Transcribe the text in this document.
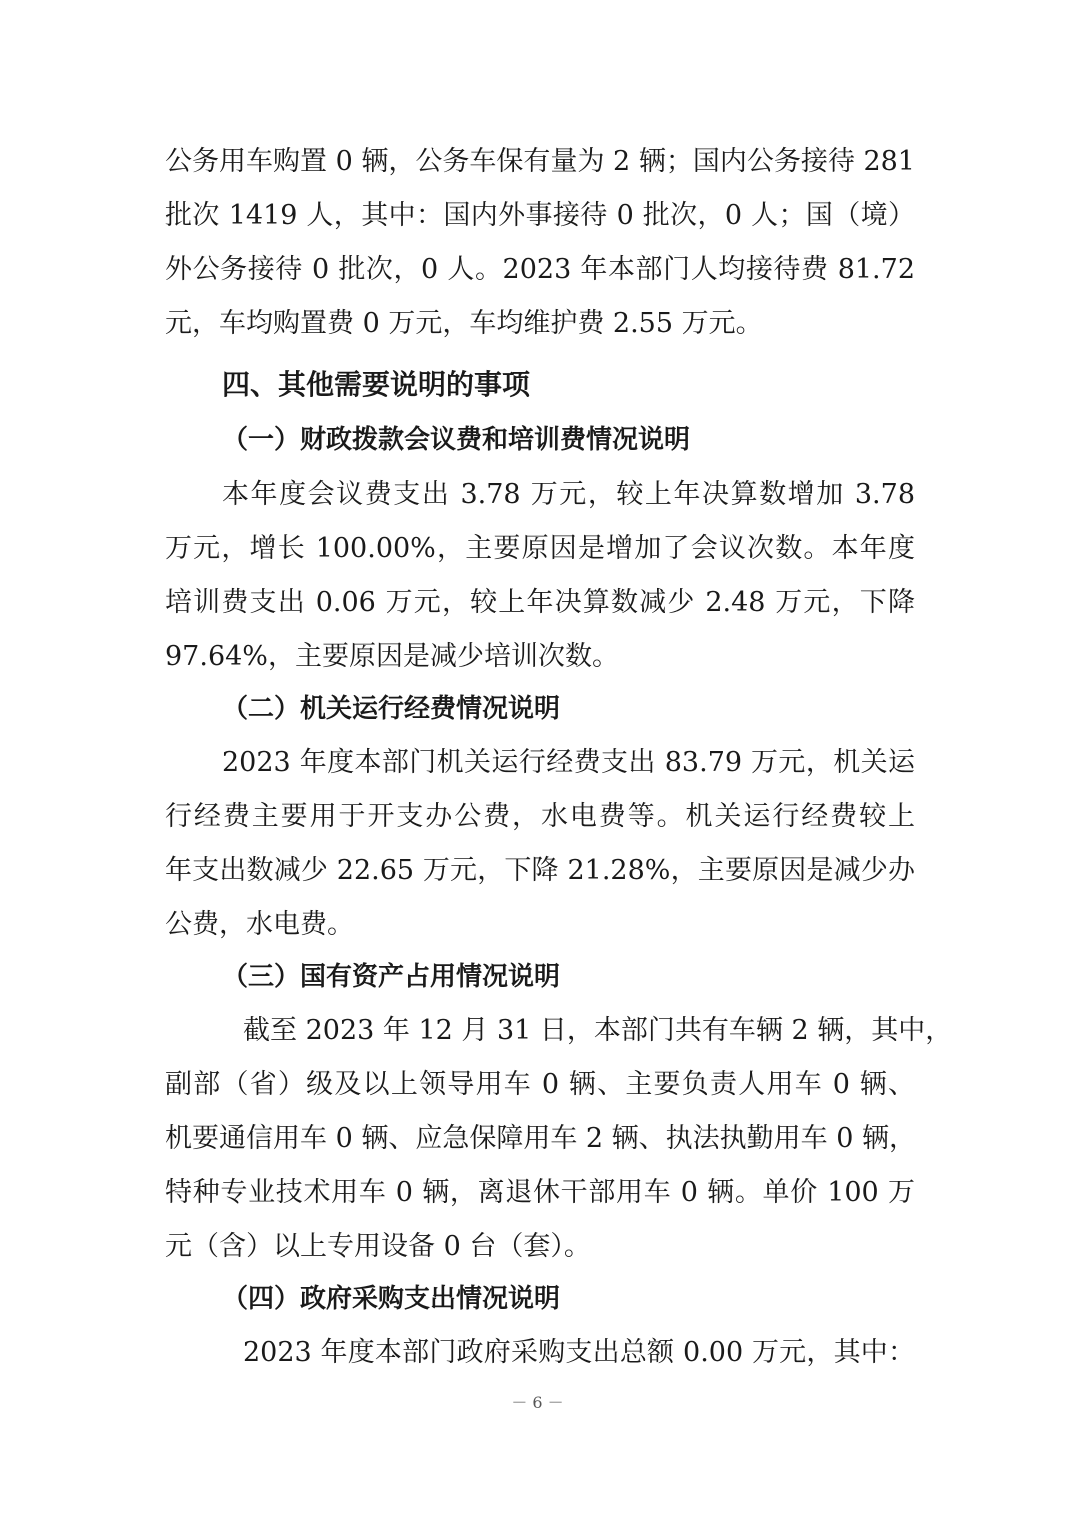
公务用车购置 0 辆，公务车保有量为 2 辆；国内公务接待 281
批次 1419 人，其中：国内外事接待 0 批次，0 人；国（境）
外公务接待 0 批次，0 人。2023 年本部门人均接待费 81.72
元，车均购置费 0 万元，车均维护费 2.55 万元。
四、其他需要说明的事项
（一）财政拨款会议费和培训费情况说明
本年度会议费支出 3.78 万元，较上年决算数增加 3.78
万元，增长 100.00%，主要原因是增加了会议次数。本年度
培训费支出 0.06 万元，较上年决算数减少 2.48 万元，下降
97.64%，主要原因是减少培训次数。
（二）机关运行经费情况说明
2023 年度本部门机关运行经费支出 83.79 万元，机关运
行经费主要用于开支办公费，水电费等。机关运行经费较上
年支出数减少 22.65 万元，下降 21.28%，主要原因是减少办
公费，水电费。
（三）国有资产占用情况说明
截至 2023 年 12 月 31 日，本部门共有车辆 2 辆，其中，
副部（省）级及以上领导用车 0 辆、主要负责人用车 0 辆、
机要通信用车 0 辆、应急保障用车 2 辆、执法执勤用车 0 辆，
特种专业技术用车 0 辆，离退休干部用车 0 辆。单价 100 万
元（含）以上专用设备 0 台（套）。
（四）政府采购支出情况说明
2023 年度本部门政府采购支出总额 0.00 万元，其中：
－ 6 －
